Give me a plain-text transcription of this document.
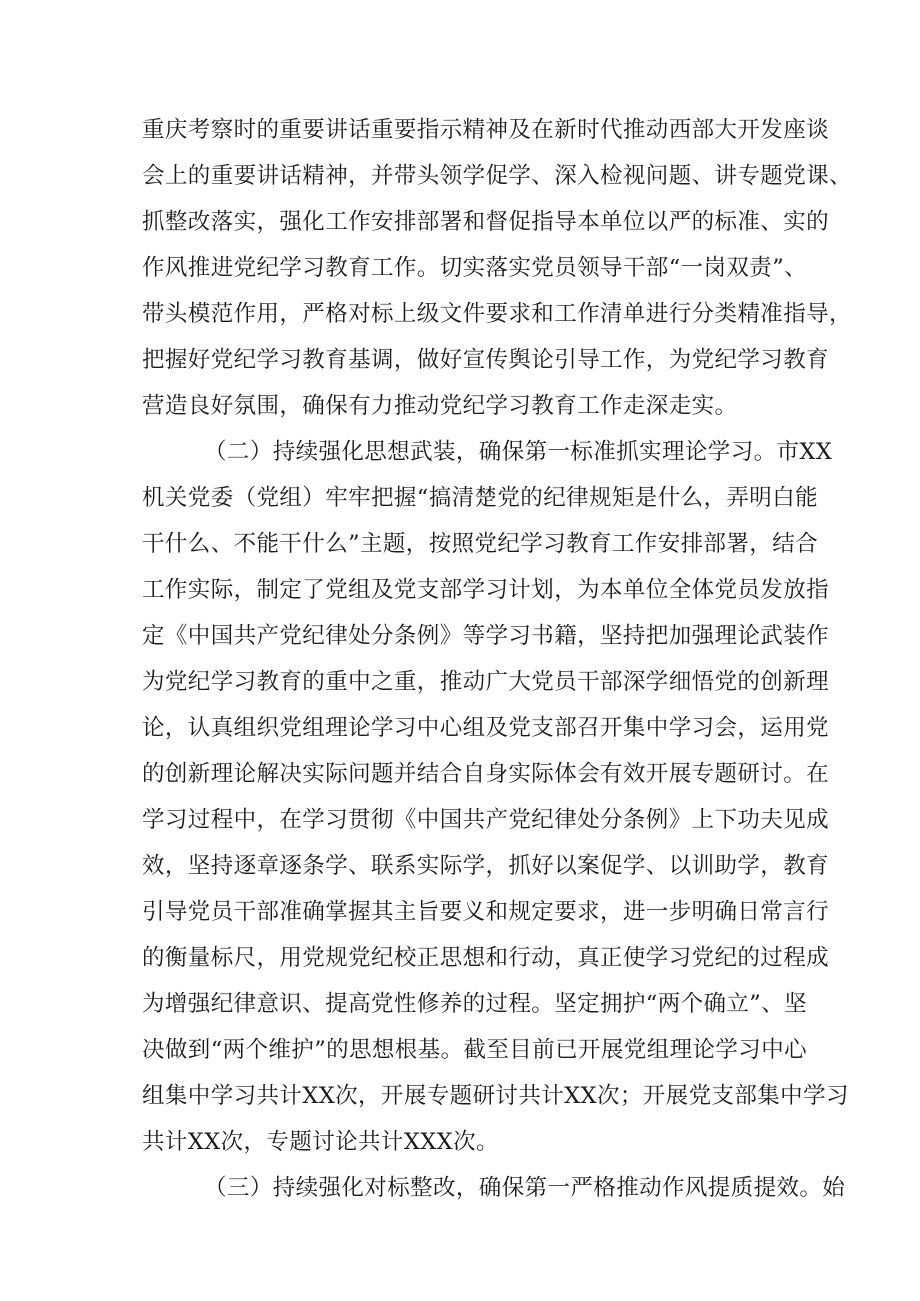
重庆考察时的重要讲话重要指示精神及在新时代推动西部大开发座谈
会上的重要讲话精神，并带头领学促学、深入检视问题、讲专题党课、
抓整改落实，强化工作安排部署和督促指导本单位以严的标准、实的
作风推进党纪学习教育工作。切实落实党员领导干部“一岗双责”、
带头模范作用，严格对标上级文件要求和工作清单进行分类精准指导，
把握好党纪学习教育基调，做好宣传舆论引导工作，为党纪学习教育
营造良好氛围，确保有力推动党纪学习教育工作走深走实。
（二）持续强化思想武装，确保第一标准抓实理论学习。市XX
机关党委（党组）牢牢把握“搞清楚党的纪律规矩是什么，弄明白能
干什么、不能干什么”主题，按照党纪学习教育工作安排部署，结合
工作实际，制定了党组及党支部学习计划，为本单位全体党员发放指
定《中国共产党纪律处分条例》等学习书籍，坚持把加强理论武装作
为党纪学习教育的重中之重，推动广大党员干部深学细悟党的创新理
论，认真组织党组理论学习中心组及党支部召开集中学习会，运用党
的创新理论解决实际问题并结合自身实际体会有效开展专题研讨。在
学习过程中，在学习贯彻《中国共产党纪律处分条例》上下功夫见成
效，坚持逐章逐条学、联系实际学，抓好以案促学、以训助学，教育
引导党员干部准确掌握其主旨要义和规定要求，进一步明确日常言行
的衡量标尺，用党规党纪校正思想和行动，真正使学习党纪的过程成
为增强纪律意识、提高党性修养的过程。坚定拥护“两个确立”、坚
决做到“两个维护”的思想根基。截至目前已开展党组理论学习中心
组集中学习共计XX次，开展专题研讨共计XX次；开展党支部集中学习
共计XX次，专题讨论共计XXX次。
（三）持续强化对标整改，确保第一严格推动作风提质提效。始
